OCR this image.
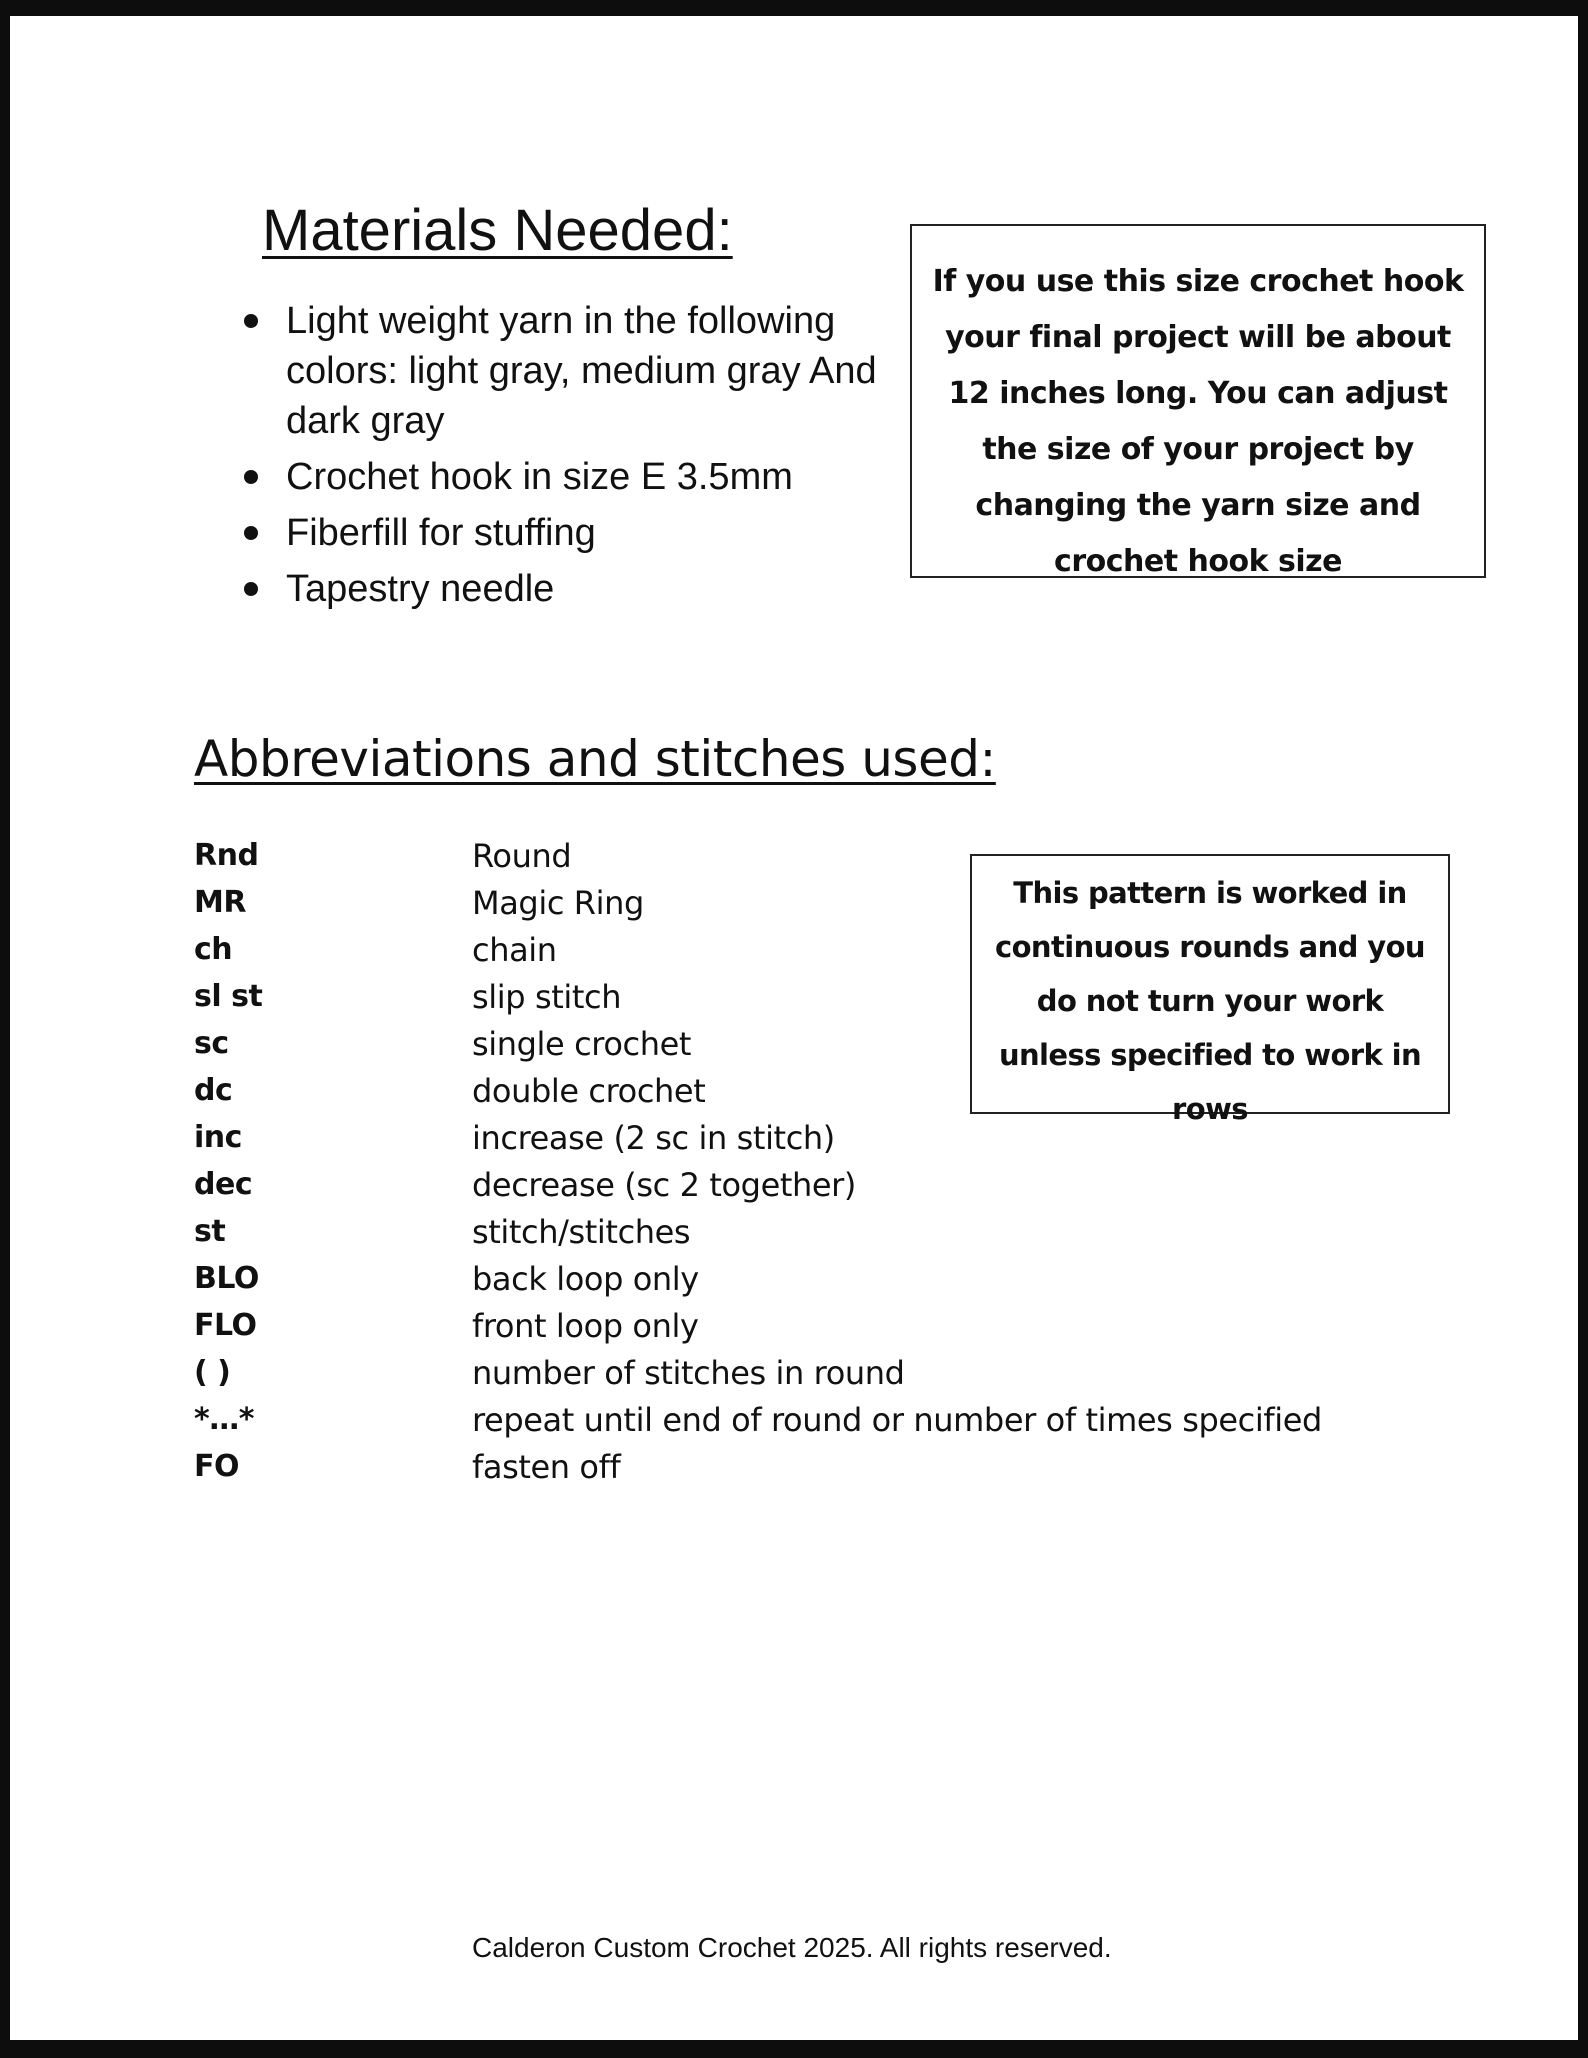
Materials Needed:
Light weight yarn in the following colors: light gray, medium gray And dark gray
Crochet hook in size E 3.5mm
Fiberfill for stuffing
Tapestry needle
If you use this size crochet hook your final project will be about 12 inches long. You can adjust the size of your project by changing the yarn size and crochet hook size
Abbreviations and stitches used:
Rnd	Round
MR	Magic Ring
ch	chain
sl st	slip stitch
sc	single crochet
dc	double crochet
inc	increase (2 sc in stitch)
dec	decrease (sc 2 together)
st	stitch/stitches
BLO	back loop only
FLO	front loop only
( )	number of stitches in round
*…*	repeat until end of round or number of times specified
FO	fasten off
This pattern is worked in continuous rounds and you do not turn your work unless specified to work in rows
Calderon Custom Crochet 2025. All rights reserved.
